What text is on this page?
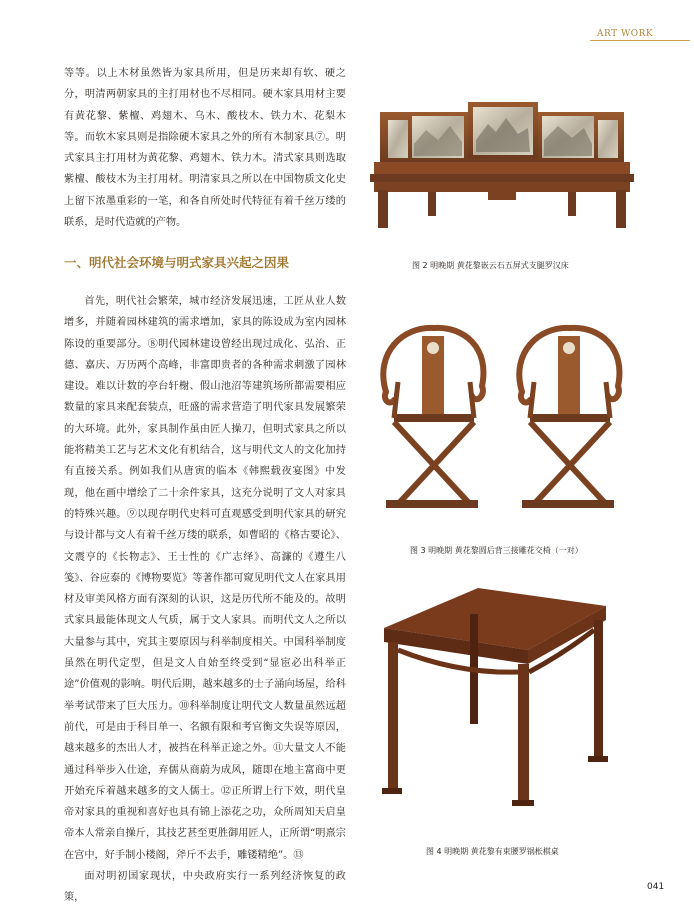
ART WORK

等等。以上木材虽然皆为家具所用，但是历来却有软、硬之分，明清两朝家具的主打用材也不尽相同。硬木家具用材主要有黄花黎、紫檀、鸡翅木、乌木、酸枝木、铁力木、花梨木等。而软木家具则是指除硬木家具之外的所有木制家具⑦。明式家具主打用材为黄花黎、鸡翅木、铁力木。清式家具则选取紫檀、酸枝木为主打用材。明清家具之所以在中国物质文化史上留下浓墨重彩的一笔，和各自所处时代特征有着千丝万缕的联系，是时代造就的产物。

一、明代社会环境与明式家具兴起之因果

首先，明代社会繁荣，城市经济发展迅速，工匠从业人数增多，并随着园林建筑的需求增加，家具的陈设成为室内园林陈设的重要部分。⑧明代园林建设曾经出现过成化、弘治、正德、嘉庆、万历两个高峰，非富即贵者的各种需求刺激了园林建设。难以计数的亭台轩榭、假山池沼等建筑场所都需要相应数量的家具来配套装点，旺盛的需求营造了明代家具发展繁荣的大环境。此外，家具制作虽由匠人操刀，但明式家具之所以能将精美工艺与艺术文化有机结合，这与明代文人的文化加持有直接关系。例如我们从唐寅的临本《韩熙载夜宴图》中发现，他在画中增绘了二十余件家具，这充分说明了文人对家具的特殊兴趣。⑨以现存明代史料可直观感受到明代家具的研究与设计都与文人有着千丝万缕的联系，如曹昭的《格古要论》、文震亨的《长物志》、王士性的《广志绎》、高濂的《遵生八笺》、谷应泰的《博物要览》等著作都可窥见明代文人在家具用材及审美风格方面有深刻的认识，这是历代所不能及的。故明式家具最能体现文人气质，属于文人家具。而明代文人之所以大量参与其中，究其主要原因与科举制度相关。中国科举制度虽然在明代定型，但是文人自始至终受到“显宦必出科举正途”价值观的影响。明代后期，越来越多的士子涌向场屋，给科举考试带来了巨大压力。⑩科举制度让明代文人数量虽然远超前代，可是由于科目单一、名额有限和考官衡文失误等原因，越来越多的杰出人才，被挡在科举正途之外。⑪大量文人不能通过科举步入仕途，弃儒从商蔚为成风，随即在地主富商中更开始充斥着越来越多的文人儒士。⑫正所谓上行下效，明代皇帝对家具的重视和喜好也具有锦上添花之功，众所周知天启皇帝本人常亲自操斤，其技艺甚至更胜御用匠人，正所谓“明熹宗在宫中，好手制小楼阁，斧斤不去手，雕镂精绝”。⑬

面对明初国家现状，中央政府实行一系列经济恢复的政策，

图 2 明晚期 黄花黎嵌云石五屏式支腿罗汉床
图 3 明晚期 黄花黎圆后背三接雕花交椅（一对）
图 4 明晚期 黄花黎有束腰罗锅枨棋桌
041
